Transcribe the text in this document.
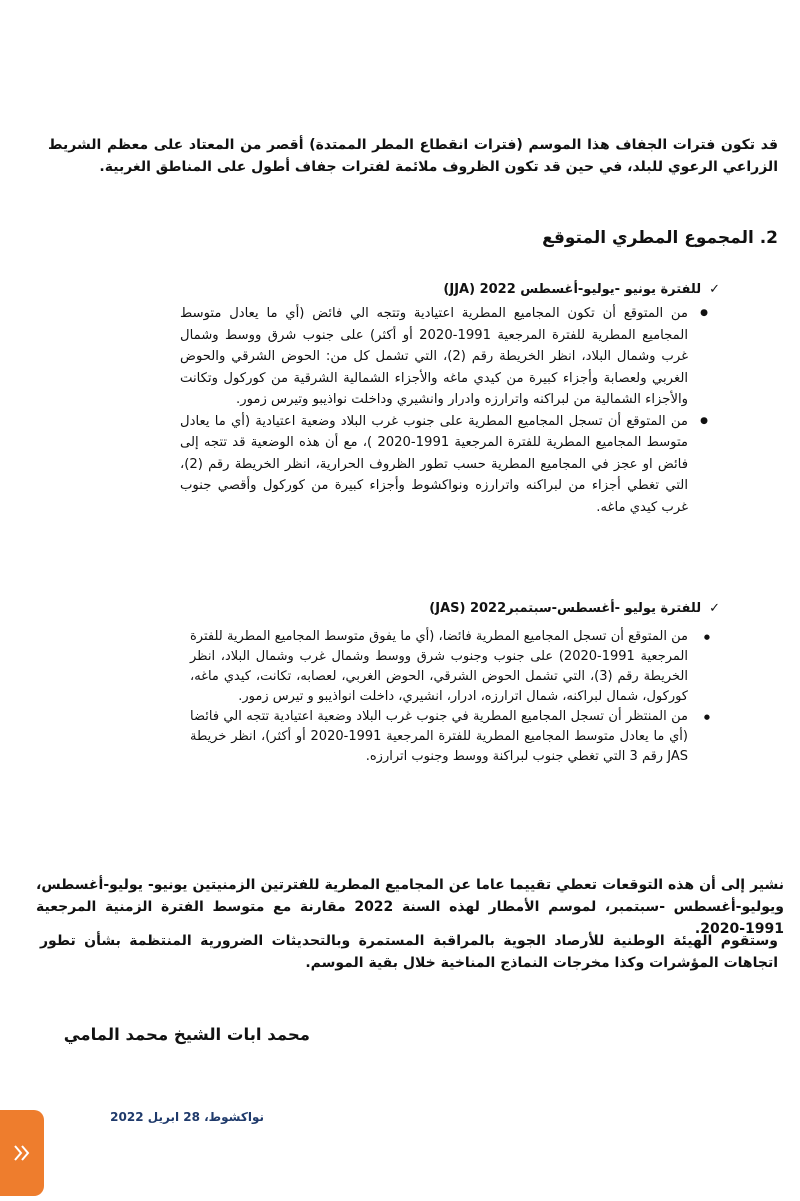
قد تكون فترات الجفاف هذا الموسم (فترات انقطاع المطر الممتدة) أقصر من المعتاد على معظم الشريط الزراعي الرعوي للبلد، في حين قد تكون الظروف ملائمة لفترات جفاف أطول على المناطق الغربية.

2. المجموع المطري المتوقع
✓للفترة يونيو -يوليو-أغسطس 2022 (JJA)
● من المتوقع أن تكون المجاميع المطرية اعتيادية وتتجه الي فائض (أي ما يعادل متوسط المجاميع المطرية للفترة المرجعية 1991-2020 أو أكثر) على جنوب شرق ووسط وشمال غرب وشمال البلاد، انظر الخريطة رقم (2)، التي تشمل كل من: الحوض الشرقي والحوض الغربي ولعصابة وأجزاء كبيرة من كيدي ماغه والأجزاء الشمالية الشرقية من كوركول وتكانت والأجزاء الشمالية من لبراكنه واترارزه وادرار وانشيري وداخلت نواذيبو وتيرس زمور.
● من المتوقع أن تسجل المجاميع المطرية على جنوب غرب البلاد وضعية اعتيادية (أي ما يعادل متوسط المجاميع المطرية للفترة المرجعية 1991-2020 )، مع أن هذه الوضعية قد تتجه إلى فائض او عجز في المجاميع المطرية حسب تطور الظروف الحرارية، انظر الخريطة رقم (2)، التي تغطي أجزاء من لبراكنه واترارزه ونواكشوط وأجزاء كبيرة من كوركول وأقصي جنوب غرب كيدي ماغه.
✓للفترة يوليو -أغسطس-سبتمبر2022 (JAS)
● من المتوقع أن تسجل المجاميع المطرية فائضا، (أي ما يفوق متوسط المجاميع المطرية للفترة المرجعية 1991-2020) على جنوب وجنوب شرق ووسط وشمال غرب وشمال البلاد، انظر الخريطة رقم (3)، التي تشمل الحوض الشرقي، الحوض الغربي، لعصابه، تكانت، كيدي ماغه، كوركول، شمال لبراكنه، شمال اترارزه، ادرار، انشيري، داخلت انواذيبو و تيرس زمور.
● من المنتظر أن تسجل المجاميع المطرية في جنوب غرب البلاد وضعية اعتيادية تتجه الي فائضا (أي ما يعادل متوسط المجاميع المطرية للفترة المرجعية 1991-2020 أو أكثر)، انظر خريطة JAS رقم 3 التي تغطي جنوب لبراكنة ووسط وجنوب اترارزه.

نشير إلى أن هذه التوقعات تعطي تقييما عاما عن المجاميع المطرية للفترتين الزمنيتين يونيو- يوليو-أغسطس، ويوليو-أغسطس -سبتمبر، لموسم الأمطار لهذه السنة 2022 مقارنة مع متوسط الفترة الزمنية المرجعية 1991-2020.

وستقوم الهيئة الوطنية للأرصاد الجوية بالمراقبة المستمرة وبالتحديثات الضرورية المنتظمة بشأن تطور اتجاهات المؤشرات وكذا مخرجات النماذج المناخية خلال بقية الموسم.

محمد ابات الشيخ محمد المامي
نواكشوط، 28 ابريل 2022
